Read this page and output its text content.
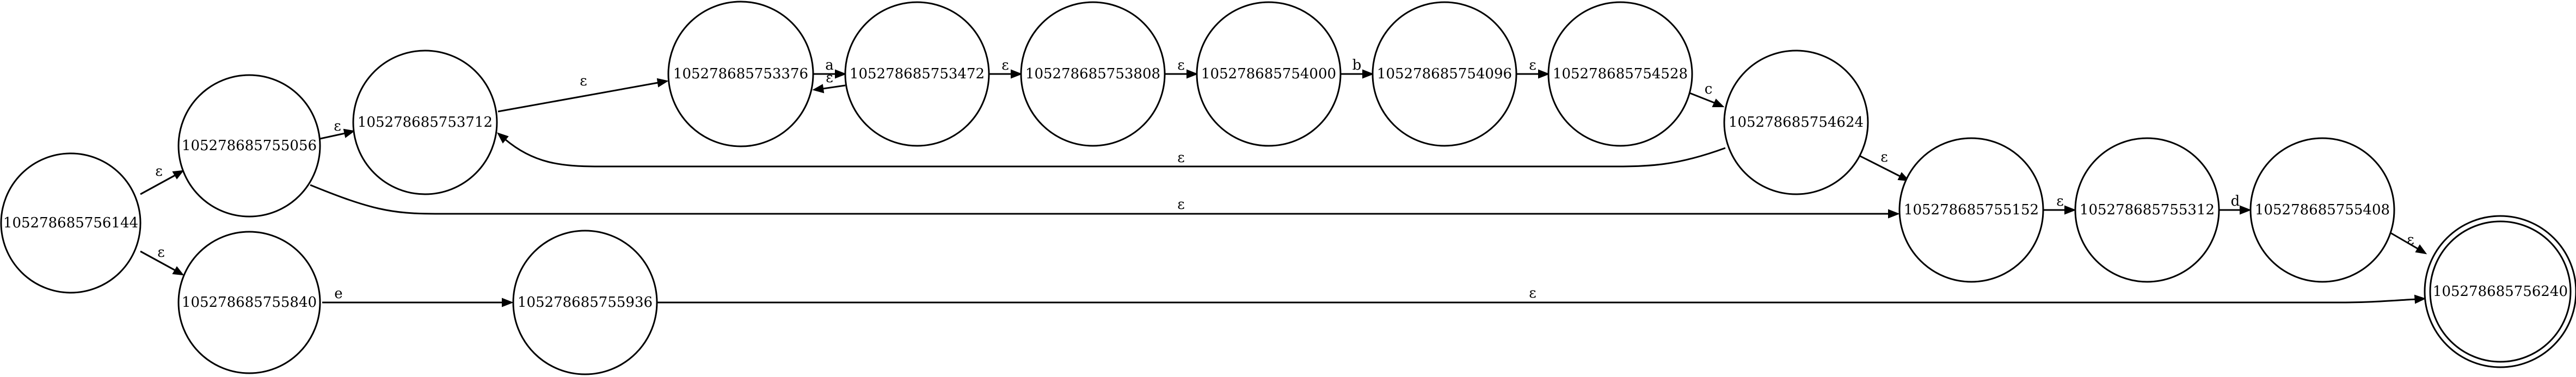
ε
ε
ε
ε
ε
a
ε
ε	ε	b	ε
c
ε	ε
ε	d
ε
e	ε
105278685756144
105278685755056
105278685755840
105278685753712
105278685753376	105278685753472	105278685753808	105278685754000	105278685754096	105278685754528
105278685754624
105278685755152	105278685755312	105278685755408
105278685755936
105278685756240
